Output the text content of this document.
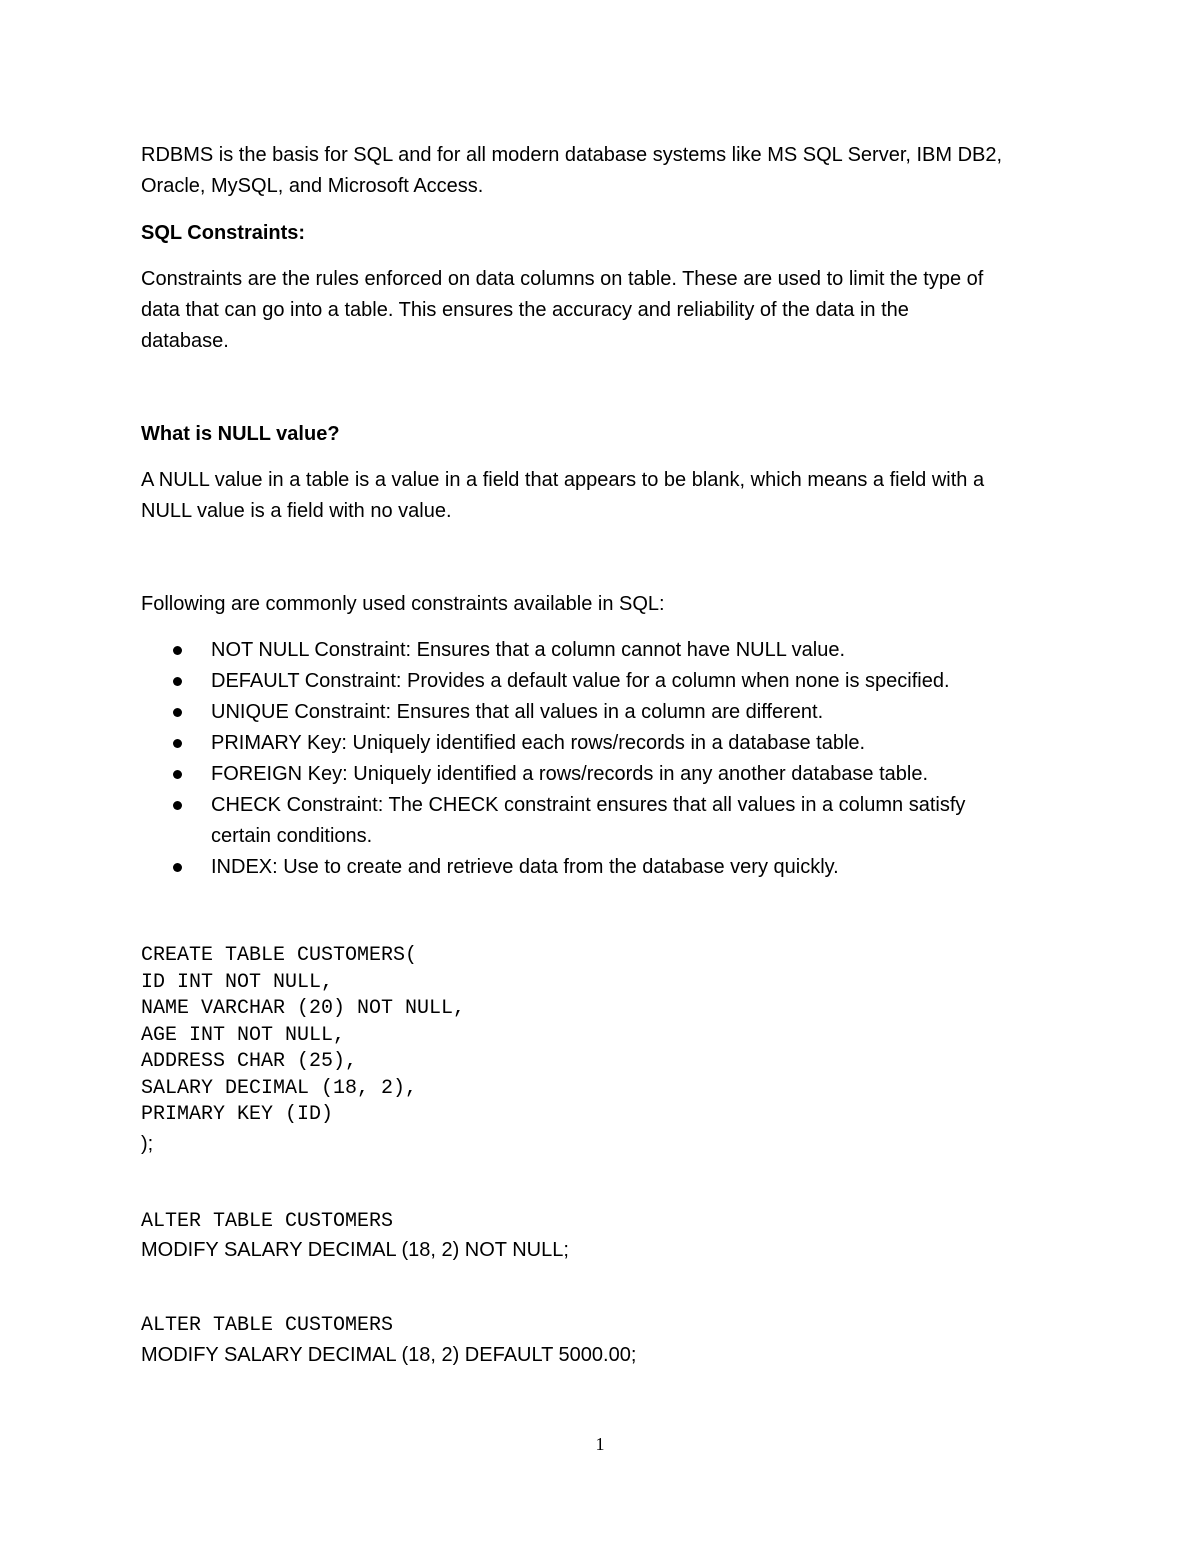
RDBMS is the basis for SQL and for all modern database systems like MS SQL Server, IBM DB2,

Oracle, MySQL, and Microsoft Access.

SQL Constraints:

Constraints are the rules enforced on data columns on table. These are used to limit the type of

data that can go into a table. This ensures the accuracy and reliability of the data in the

database.

What is NULL value?

A NULL value in a table is a value in a field that appears to be blank, which means a field with a

NULL value is a field with no value.

Following are commonly used constraints available in SQL:

NOT NULL Constraint: Ensures that a column cannot have NULL value.
DEFAULT Constraint: Provides a default value for a column when none is specified.
UNIQUE Constraint: Ensures that all values in a column are different.
PRIMARY Key: Uniquely identified each rows/records in a database table.
FOREIGN Key: Uniquely identified a rows/records in any another database table.
CHECK Constraint: The CHECK constraint ensures that all values in a column satisfy
certain conditions.
INDEX: Use to create and retrieve data from the database very quickly.

CREATE TABLE CUSTOMERS(

ID INT NOT NULL,

NAME VARCHAR (20) NOT NULL,

AGE INT NOT NULL,

ADDRESS CHAR (25),

SALARY DECIMAL (18, 2),

PRIMARY KEY (ID)

);

ALTER TABLE CUSTOMERS

MODIFY SALARY DECIMAL (18, 2) NOT NULL;

ALTER TABLE CUSTOMERS

MODIFY SALARY DECIMAL (18, 2) DEFAULT 5000.00;

1
